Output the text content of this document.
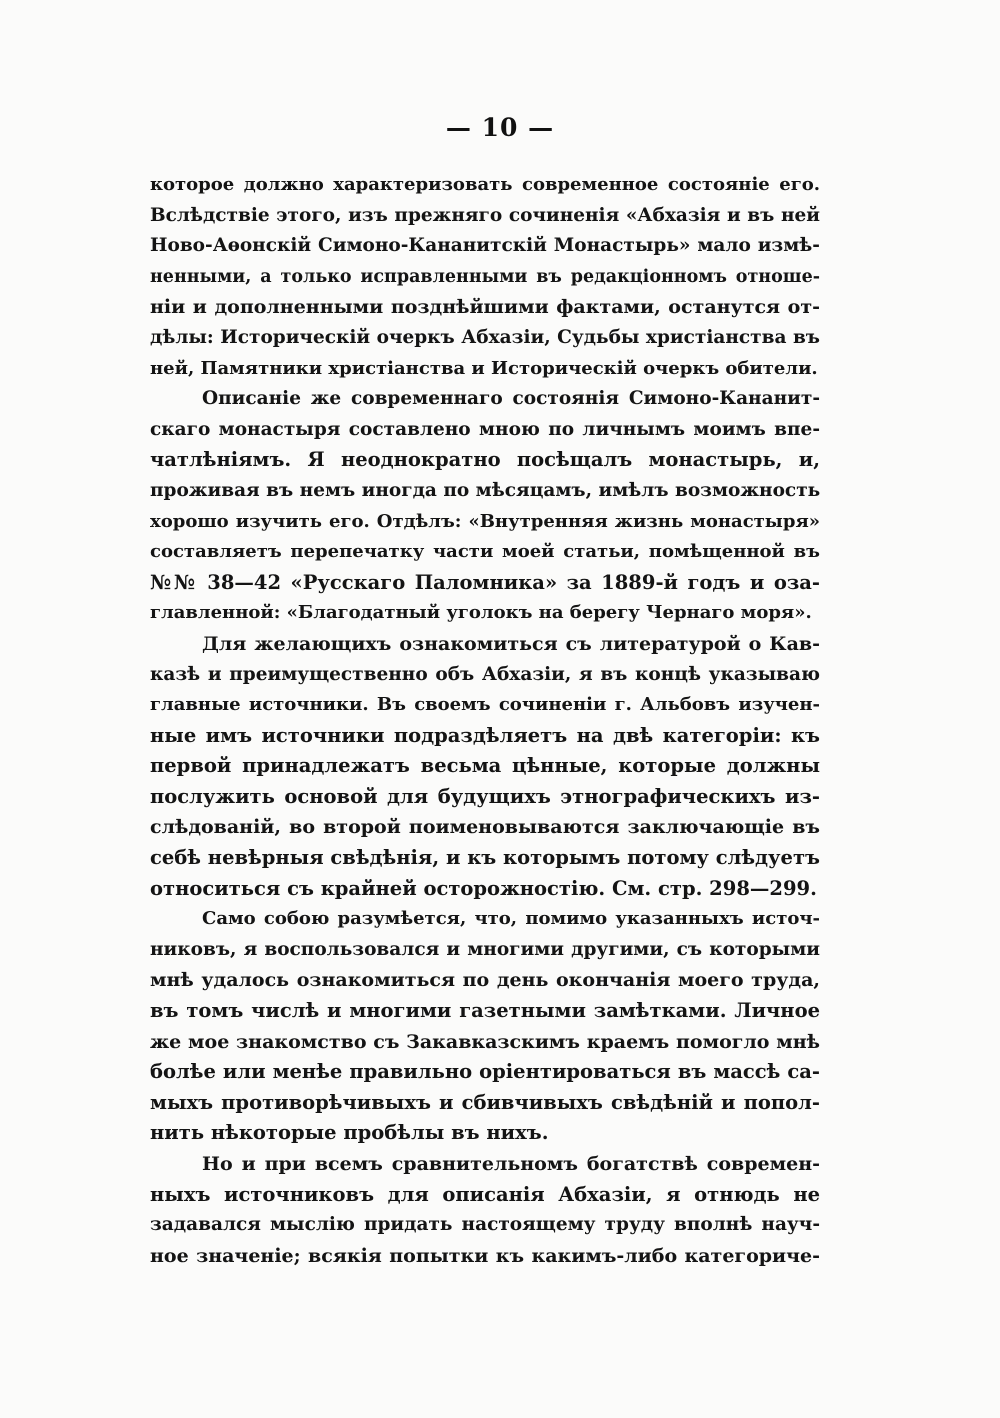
— 10 —
которое должно характеризовать современное состоянiе его.
Вслѣдствiе этого, изъ прежняго сочиненiя «Абхазiя и въ ней
Ново-Аѳонскiй Симоно-Кананитскiй Монастырь» мало измѣ-
ненными, а только исправленными въ редакцiонномъ отноше-
нiи и дополненными позднѣйшими фактами, останутся от-
дѣлы: Историческiй очеркъ Абхазiи, Судьбы христiанства въ
ней, Памятники христiанства и Историческiй очеркъ обители.
Описанiе же современнаго состоянiя Симоно-Кананит-
скаго монастыря составлено мною по личнымъ моимъ впе-
чатлѣнiямъ. Я неоднократно посѣщалъ монастырь, и,
проживая въ немъ иногда по мѣсяцамъ, имѣлъ возможность
хорошо изучить его. Отдѣлъ: «Внутренняя жизнь монастыря»
составляетъ перепечатку части моей статьи, помѣщенной въ
№№ 38—42 «Русскаго Паломника» за 1889-й годъ и оза-
главленной: «Благодатный уголокъ на берегу Чернаго моря».
Для желающихъ ознакомиться съ литературой о Кав-
казѣ и преимущественно объ Абхазiи, я въ концѣ указываю
главные источники. Въ своемъ сочиненiи г. Альбовъ изучен-
ные имъ источники подраздѣляетъ на двѣ категорiи: къ
первой принадлежатъ весьма цѣнные, которые должны
послужить основой для будущихъ этнографическихъ из-
слѣдованiй, во второй поименовываются заключающiе въ
себѣ невѣрныя свѣдѣнiя, и къ которымъ потому слѣдуетъ
относиться съ крайней осторожностiю. См. стр. 298—299.
Само собою разумѣется, что, помимо указанныхъ источ-
никовъ, я воспользовался и многими другими, съ которыми
мнѣ удалось ознакомиться по день окончанiя моего труда,
въ томъ числѣ и многими газетными замѣтками. Личное
же мое знакомство съ Закавказскимъ краемъ помогло мнѣ
болѣе или менѣе правильно орiентироваться въ массѣ са-
мыхъ противорѣчивыхъ и сбивчивыхъ свѣдѣнiй и попол-
нить нѣкоторые пробѣлы въ нихъ.
Но и при всемъ сравнительномъ богатствѣ современ-
ныхъ источниковъ для описанiя Абхазiи, я отнюдь не
задавался мыслiю придать настоящему труду вполнѣ науч-
ное значенiе; всякiя попытки къ какимъ-либо категориче-
